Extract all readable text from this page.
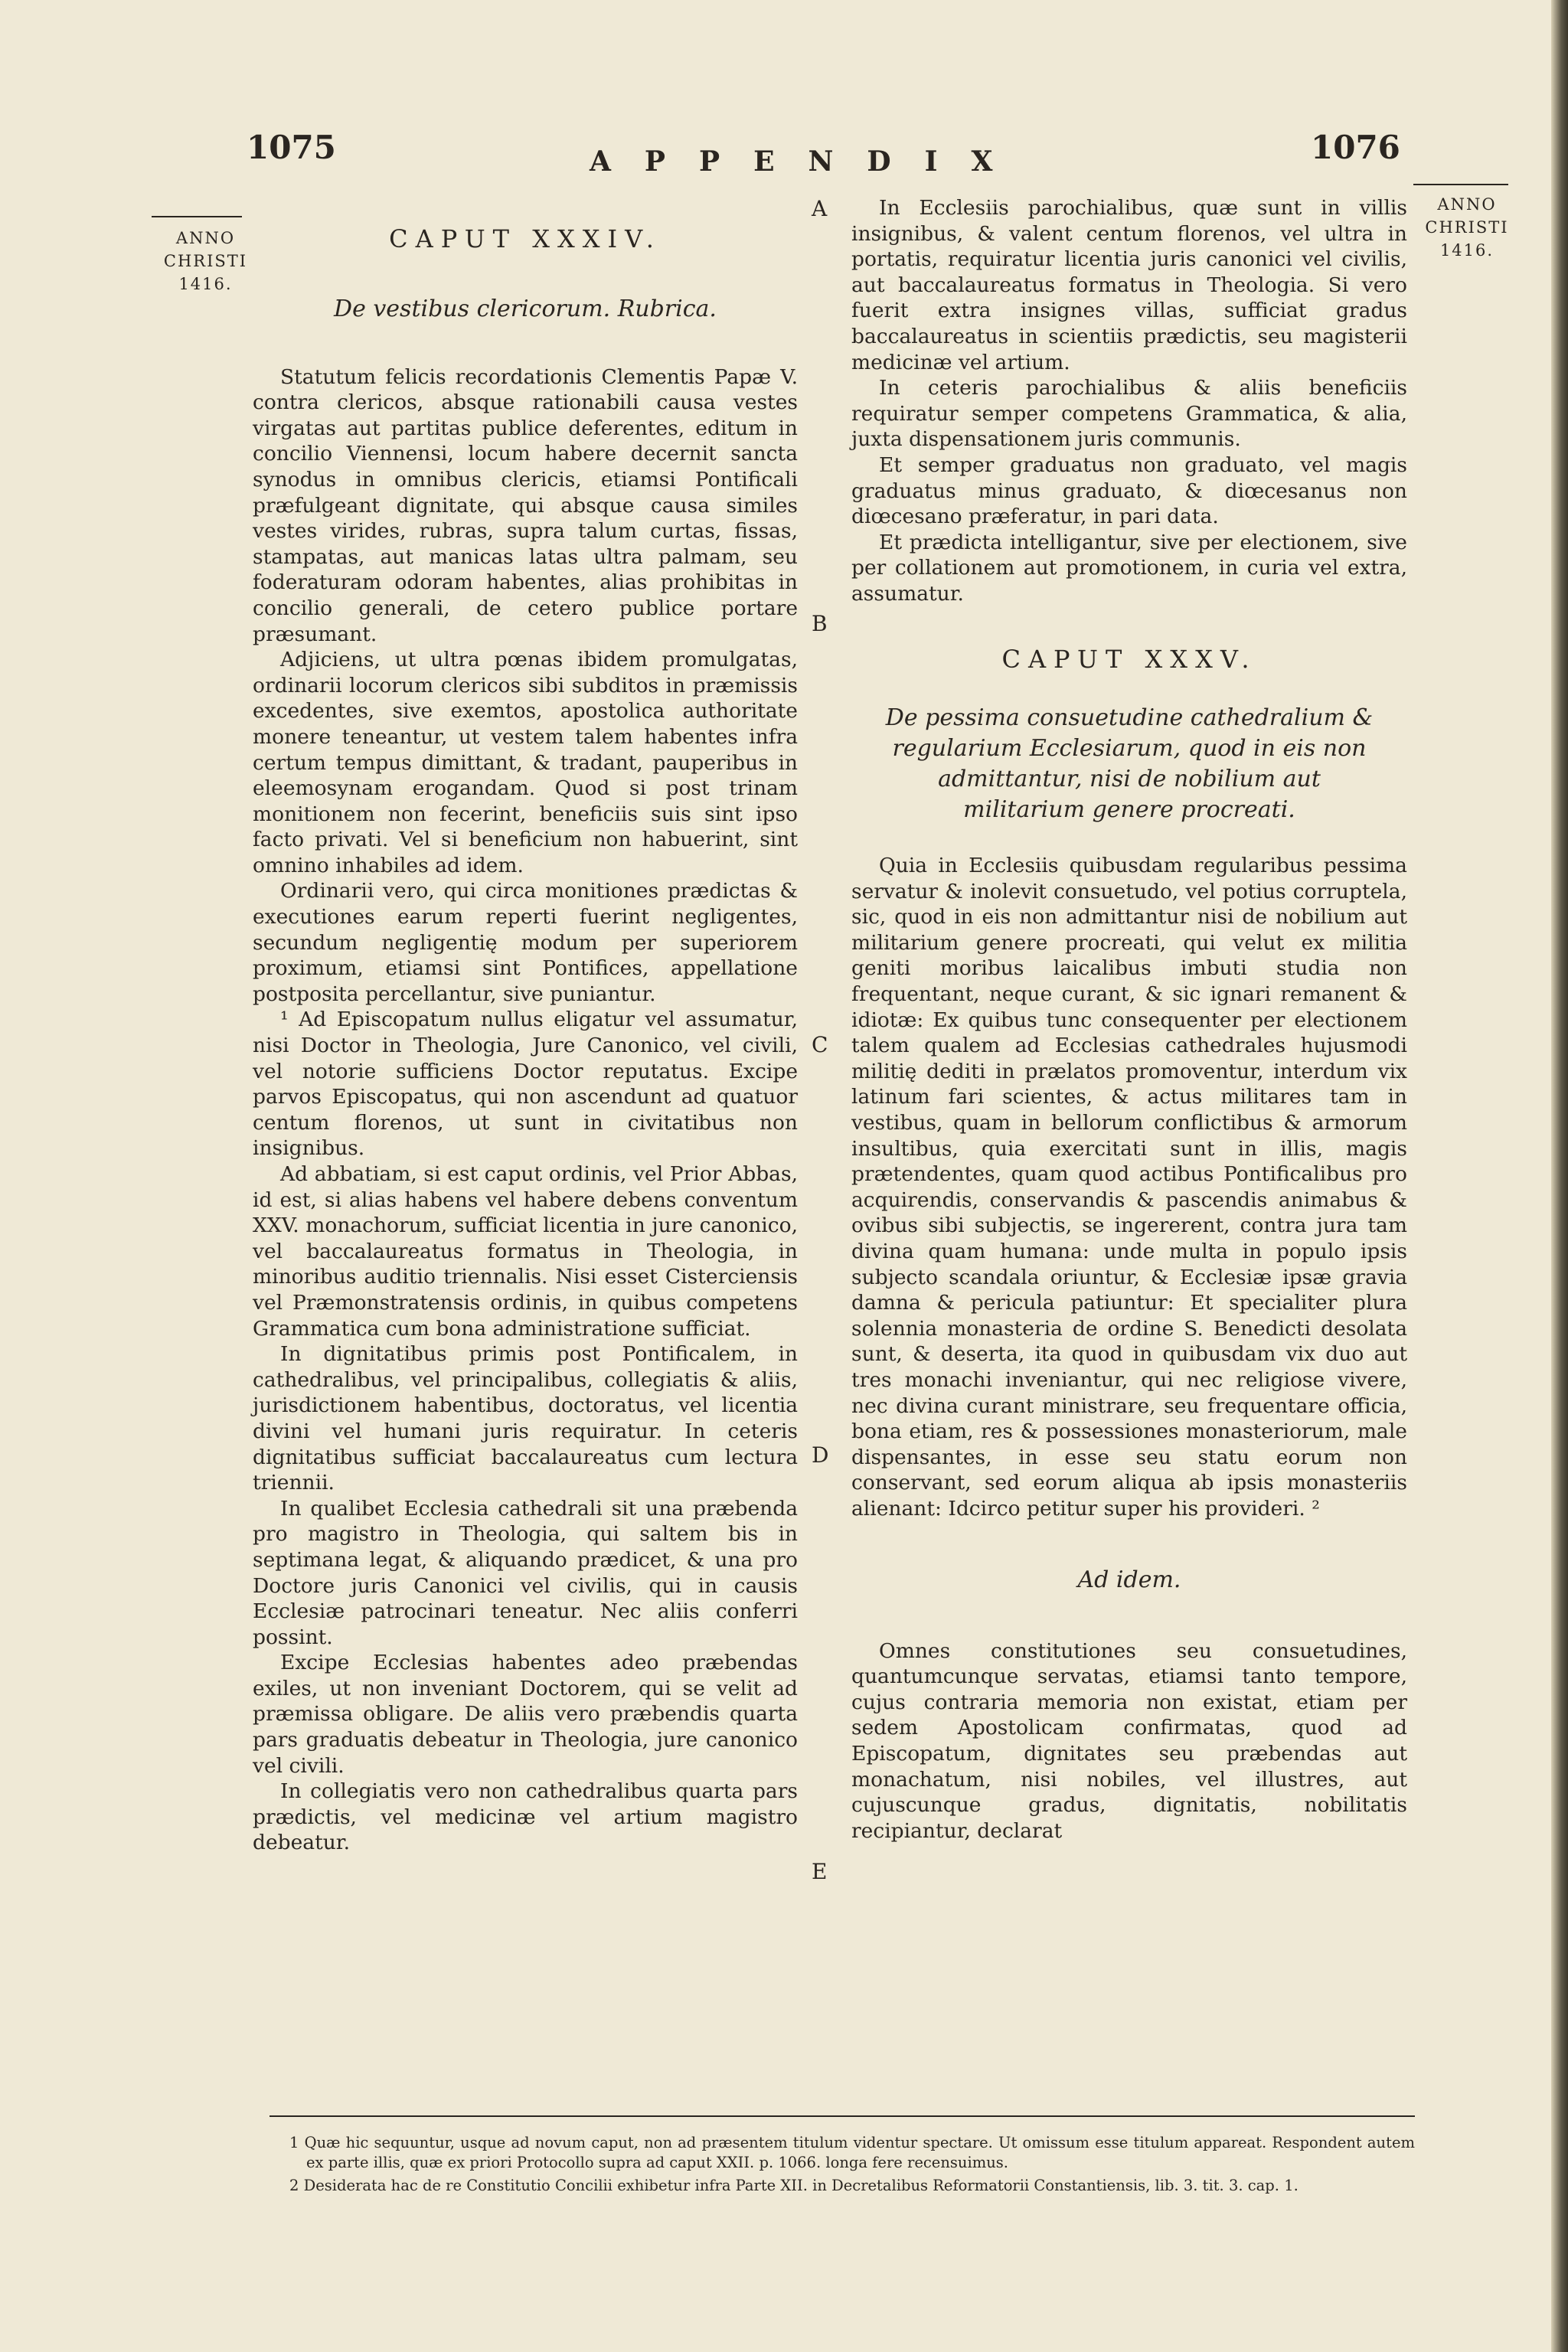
1075	APPENDIX	1076
ANNO
CHRISTI
1416.
ANNO
CHRISTI
1416.
A
B
C
D
E
CAPUT XXXIV.
De vestibus clericorum. Rubrica.

Statutum felicis recordationis Clementis Papæ V. contra clericos, absque rationabili causa vestes virgatas aut partitas publice deferentes, editum in concilio Viennensi, locum habere decernit sancta synodus in omnibus clericis, etiamsi Pontificali præfulgeant dignitate, qui absque causa similes vestes virides, rubras, supra talum curtas, fissas, stampatas, aut manicas latas ultra palmam, seu foderaturam odoram habentes, alias prohibitas in concilio generali, de cetero publice portare præsumant.

Adjiciens, ut ultra pœnas ibidem promulgatas, ordinarii locorum clericos sibi subditos in præmissis excedentes, sive exemtos, apostolica authoritate monere teneantur, ut vestem talem habentes infra certum tempus dimittant, & tradant, pauperibus in eleemosynam erogandam. Quod si post trinam monitionem non fecerint, beneficiis suis sint ipso facto privati. Vel si beneficium non habuerint, sint omnino inhabiles ad idem.

Ordinarii vero, qui circa monitiones prædictas & executiones earum reperti fuerint negligentes, secundum negligentię modum per superiorem proximum, etiamsi sint Pontifices, appellatione postposita percellantur, sive puniantur.

¹ Ad Episcopatum nullus eligatur vel assumatur, nisi Doctor in Theologia, Jure Canonico, vel civili, vel notorie sufficiens Doctor reputatus. Excipe parvos Episcopatus, qui non ascendunt ad quatuor centum florenos, ut sunt in civitatibus non insignibus.

Ad abbatiam, si est caput ordinis, vel Prior Abbas, id est, si alias habens vel habere debens conventum XXV. monachorum, sufficiat licentia in jure canonico, vel baccalaureatus formatus in Theologia, in minoribus auditio triennalis. Nisi esset Cisterciensis vel Præmonstratensis ordinis, in quibus competens Grammatica cum bona administratione sufficiat.

In dignitatibus primis post Pontificalem, in cathedralibus, vel principalibus, collegiatis & aliis, jurisdictionem habentibus, doctoratus, vel licentia divini vel humani juris requiratur. In ceteris dignitatibus sufficiat baccalaureatus cum lectura triennii.

In qualibet Ecclesia cathedrali sit una præbenda pro magistro in Theologia, qui saltem bis in septimana legat, & aliquando prædicet, & una pro Doctore juris Canonici vel civilis, qui in causis Ecclesiæ patrocinari teneatur. Nec aliis conferri possint.

Excipe Ecclesias habentes adeo præbendas exiles, ut non inveniant Doctorem, qui se velit ad præmissa obligare. De aliis vero præbendis quarta pars graduatis debeatur in Theologia, jure canonico vel civili.

In collegiatis vero non cathedralibus quarta pars prædictis, vel medicinæ vel artium magistro debeatur.

In Ecclesiis parochialibus, quæ sunt in villis insignibus, & valent centum florenos, vel ultra in portatis, requiratur licentia juris canonici vel civilis, aut baccalaureatus formatus in Theologia. Si vero fuerit extra insignes villas, sufficiat gradus baccalaureatus in scientiis prædictis, seu magisterii medicinæ vel artium.

In ceteris parochialibus & aliis beneficiis requiratur semper competens Grammatica, & alia, juxta dispensationem juris communis.

Et semper graduatus non graduato, vel magis graduatus minus graduato, & diœcesanus non diœcesano præferatur, in pari data.

Et prædicta intelligantur, sive per electionem, sive per collationem aut promotionem, in curia vel extra, assumatur.

CAPUT XXXV.
De pessima consuetudine cathedralium & regularium Ecclesiarum, quod in eis non admittantur, nisi de nobilium aut militarium genere procreati.

Quia in Ecclesiis quibusdam regularibus pessima servatur & inolevit consuetudo, vel potius corruptela, sic, quod in eis non admittantur nisi de nobilium aut militarium genere procreati, qui velut ex militia geniti moribus laicalibus imbuti studia non frequentant, neque curant, & sic ignari remanent & idiotæ: Ex quibus tunc consequenter per electionem talem qualem ad Ecclesias cathedrales hujusmodi militię dediti in prælatos promoventur, interdum vix latinum fari scientes, & actus militares tam in vestibus, quam in bellorum conflictibus & armorum insultibus, quia exercitati sunt in illis, magis prætendentes, quam quod actibus Pontificalibus pro acquirendis, conservandis & pascendis animabus & ovibus sibi subjectis, se ingererent, contra jura tam divina quam humana: unde multa in populo ipsis subjecto scandala oriuntur, & Ecclesiæ ipsæ gravia damna & pericula patiuntur: Et specialiter plura solennia monasteria de ordine S. Benedicti desolata sunt, & deserta, ita quod in quibusdam vix duo aut tres monachi inveniantur, qui nec religiose vivere, nec divina curant ministrare, seu frequentare officia, bona etiam, res & possessiones monasteriorum, male dispensantes, in esse seu statu eorum non conservant, sed eorum aliqua ab ipsis monasteriis alienant: Idcirco petitur super his provideri. ²

Ad idem.

Omnes constitutiones seu consuetudines, quantumcunque servatas, etiamsi tanto tempore, cujus contraria memoria non existat, etiam per sedem Apostolicam confirmatas, quod ad Episcopatum, dignitates seu præbendas aut monachatum, nisi nobiles, vel illustres, aut cujuscunque gradus, dignitatis, nobilitatis recipiantur, declarat

1 Quæ hic sequuntur, usque ad novum caput, non ad præsentem titulum videntur spectare. Ut omissum esse titulum appareat. Respondent autem ex parte illis, quæ ex priori Protocollo supra ad caput XXII. p. 1066. longa fere recensuimus.

2 Desiderata hac de re Constitutio Concilii exhibetur infra Parte XII. in Decretalibus Reformatorii Constantiensis, lib. 3. tit. 3. cap. 1.
